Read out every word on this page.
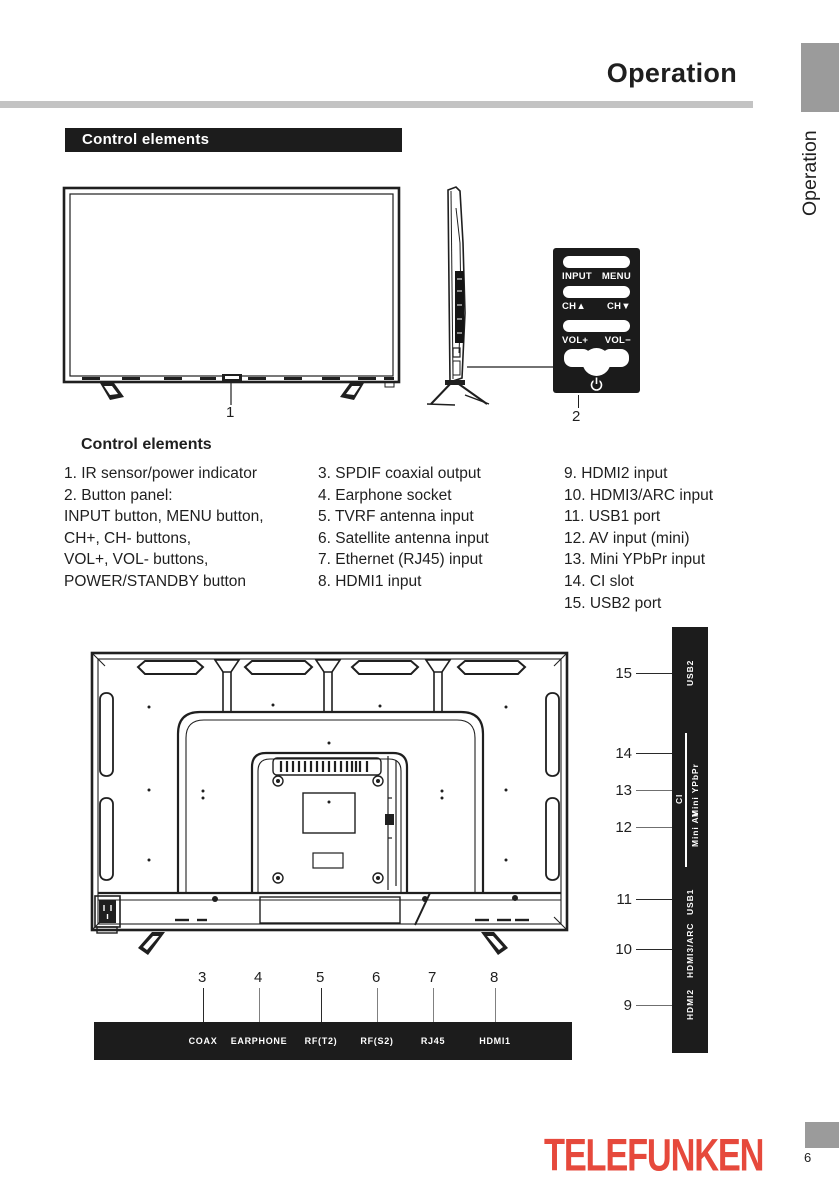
Operation
Operation
Control elements
1
INPUT MENU
CH▲ CH▼
VOL+ VOL−
2
Control elements
1. IR sensor/power indicator
2. Button panel:
INPUT button, MENU button,
CH+, CH- buttons,
VOL+, VOL- buttons,
POWER/STANDBY button
3. SPDIF coaxial output
4. Earphone socket
5. TVRF antenna input
6. Satellite antenna input
7. Ethernet (RJ45) input
8. HDMI1 input
9. HDMI2 input
10. HDMI3/ARC input
11. USB1 port
12. AV input (mini)
13. Mini YPbPr input
14. CI slot
15. USB2 port
3	4	5	6	7	8
COAX EARPHONE RF(T2)	RF(S2)	RJ45	HDMI1
USB2
CI Mini YPbPr
Mini AV
USB1
HDMI3/ARC
HDMI2
15
14
13
12
11
10
9
TELEFUNKEN	6
